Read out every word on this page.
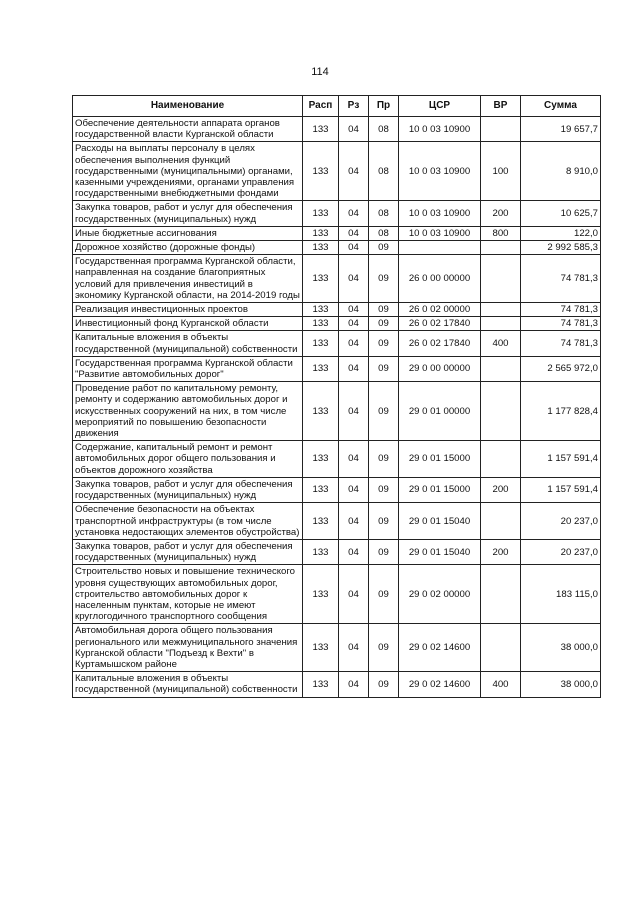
114
Наименование	Расп	Рз	Пр	ЦСР	ВР	Сумма
Обеспечение деятельности аппарата органов государственной власти Курганской области	133	04	08	10 0 03 10900		19 657,7
Расходы на выплаты персоналу в целях обеспечения выполнения функций государственными (муниципальными) органами, казенными учреждениями, органами управления государственными внебюджетными фондами	133	04	08	10 0 03 10900	100	8 910,0
Закупка товаров, работ и услуг для обеспечения государственных (муниципальных) нужд	133	04	08	10 0 03 10900	200	10 625,7
Иные бюджетные ассигнования	133	04	08	10 0 03 10900	800	122,0
Дорожное хозяйство (дорожные фонды)	133	04	09			2 992 585,3
Государственная программа Курганской области, направленная на создание благоприятных условий для привлечения инвестиций в экономику Курганской области, на 2014-2019 годы	133	04	09	26 0 00 00000		74 781,3
Реализация инвестиционных проектов	133	04	09	26 0 02 00000		74 781,3
Инвестиционный фонд Курганской области	133	04	09	26 0 02 17840		74 781,3
Капитальные вложения в объекты государственной (муниципальной) собственности	133	04	09	26 0 02 17840	400	74 781,3
Государственная программа Курганской области "Развитие автомобильных дорог"	133	04	09	29 0 00 00000		2 565 972,0
Проведение работ по капитальному ремонту, ремонту и содержанию автомобильных дорог и искусственных сооружений на них, в том числе мероприятий по повышению безопасности движения	133	04	09	29 0 01 00000		1 177 828,4
Содержание, капитальный ремонт и ремонт автомобильных дорог общего пользования и объектов дорожного хозяйства	133	04	09	29 0 01 15000		1 157 591,4
Закупка товаров, работ и услуг для обеспечения государственных (муниципальных) нужд	133	04	09	29 0 01 15000	200	1 157 591,4
Обеспечение безопасности на объектах транспортной инфраструктуры (в том числе установка недостающих элементов обустройства)	133	04	09	29 0 01 15040		20 237,0
Закупка товаров, работ и услуг для обеспечения государственных (муниципальных) нужд	133	04	09	29 0 01 15040	200	20 237,0
Строительство новых и повышение технического уровня существующих автомобильных дорог, строительство автомобильных дорог к населенным пунктам, которые не имеют круглогодичного транспортного сообщения	133	04	09	29 0 02 00000		183 115,0
Автомобильная дорога общего пользования регионального или межмуниципального значения Курганской области "Подъезд к Вехти" в Куртамышском районе	133	04	09	29 0 02 14600		38 000,0
Капитальные вложения в объекты государственной (муниципальной) собственности	133	04	09	29 0 02 14600	400	38 000,0
